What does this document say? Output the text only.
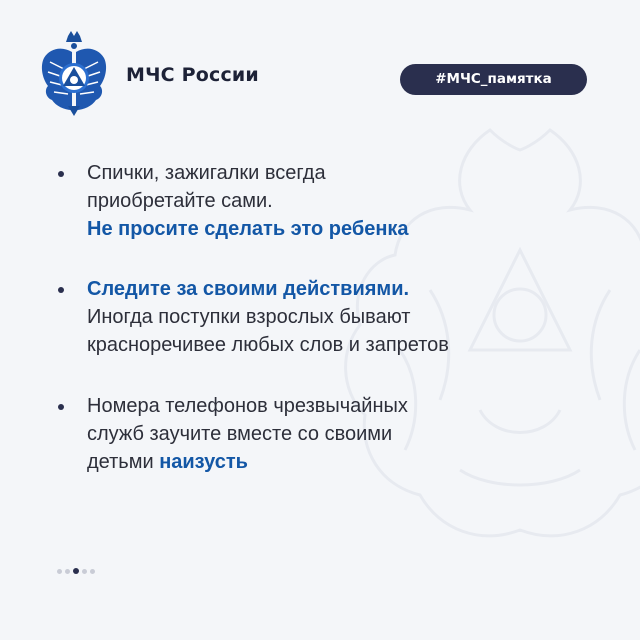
МЧС России	#МЧС_памятка
Спички, зажигалки всегда
приобретайте сами.
Не просите сделать это ребенка
Следите за своими действиями.
Иногда поступки взрослых бывают
красноречивее любых слов и запретов
Номера телефонов чрезвычайных
служб заучите вместе со своими
детьми наизусть
